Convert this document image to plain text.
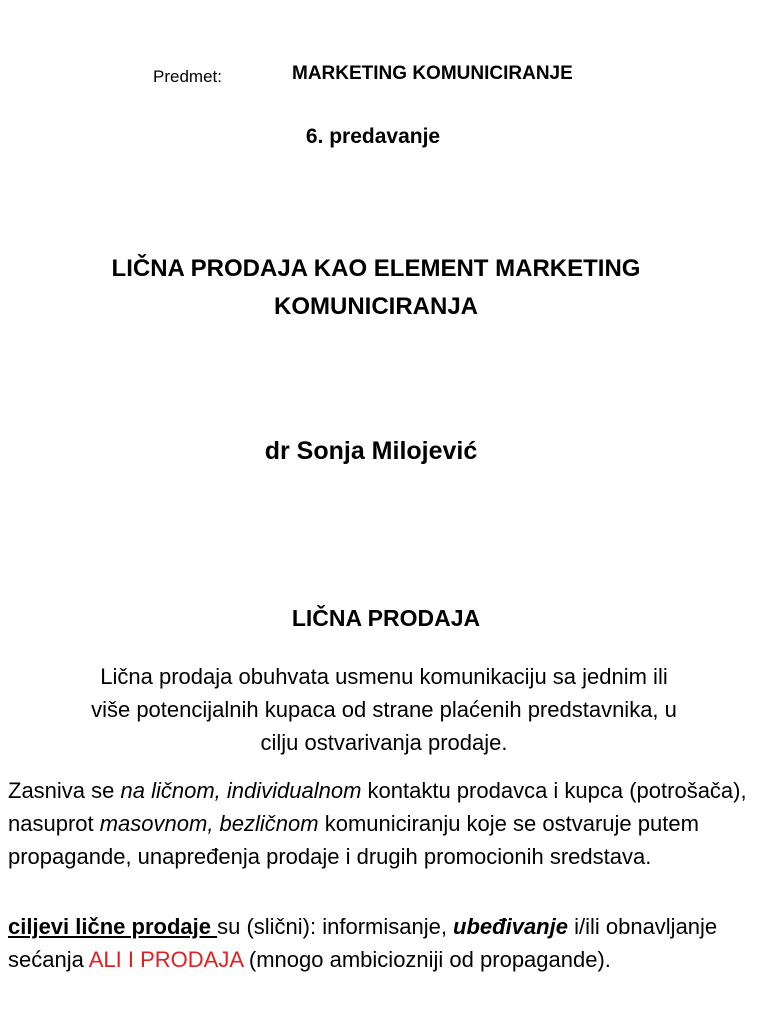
Predmet:	MARKETING KOMUNICIRANJE
6. predavanje
LIČNA PRODAJA KAO ELEMENT MARKETING
KOMUNICIRANJA
dr Sonja Milojević
LIČNA PRODAJA
Lična prodaja obuhvata usmenu komunikaciju sa jednim ili
više potencijalnih kupaca od strane plaćenih predstavnika, u
cilju ostvarivanja prodaje.
Zasniva se na ličnom, individualnom kontaktu prodavca i kupca (potrošača), nasuprot masovnom, bezličnom komuniciranju koje se ostvaruje putem propagande, unapređenja prodaje i drugih promocionih sredstava.
ciljevi lične prodaje su (slični): informisanje, ubeđivanje i/ili obnavljanje sećanja ALI I PRODAJA (mnogo ambiciozniji od propagande).
